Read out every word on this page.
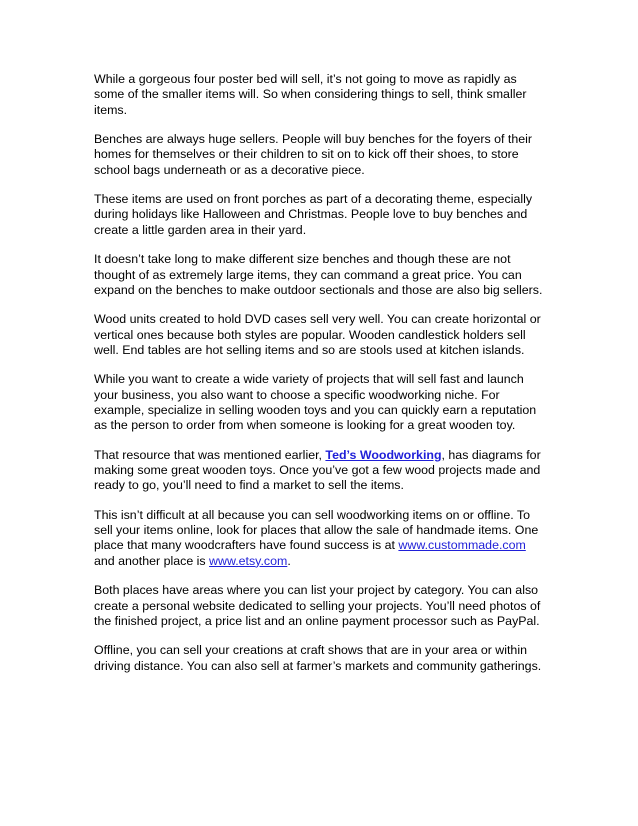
While a gorgeous four poster bed will sell, it’s not going to move as rapidly as some of the smaller items will. So when considering things to sell, think smaller items.

Benches are always huge sellers. People will buy benches for the foyers of their homes for themselves or their children to sit on to kick off their shoes, to store school bags underneath or as a decorative piece.

These items are used on front porches as part of a decorating theme, especially during holidays like Halloween and Christmas. People love to buy benches and create a little garden area in their yard.

It doesn’t take long to make different size benches and though these are not thought of as extremely large items, they can command a great price. You can expand on the benches to make outdoor sectionals and those are also big sellers.

Wood units created to hold DVD cases sell very well. You can create horizontal or vertical ones because both styles are popular. Wooden candlestick holders sell well. End tables are hot selling items and so are stools used at kitchen islands.

While you want to create a wide variety of projects that will sell fast and launch your business, you also want to choose a specific woodworking niche. For example, specialize in selling wooden toys and you can quickly earn a reputation as the person to order from when someone is looking for a great wooden toy.

That resource that was mentioned earlier, Ted’s Woodworking, has diagrams for making some great wooden toys. Once you’ve got a few wood projects made and ready to go, you’ll need to find a market to sell the items.

This isn’t difficult at all because you can sell woodworking items on or offline. To sell your items online, look for places that allow the sale of handmade items. One place that many woodcrafters have found success is at www.custommade.com and another place is www.etsy.com.

Both places have areas where you can list your project by category. You can also create a personal website dedicated to selling your projects. You’ll need photos of the finished project, a price list and an online payment processor such as PayPal.

Offline, you can sell your creations at craft shows that are in your area or within driving distance. You can also sell at farmer’s markets and community gatherings.
